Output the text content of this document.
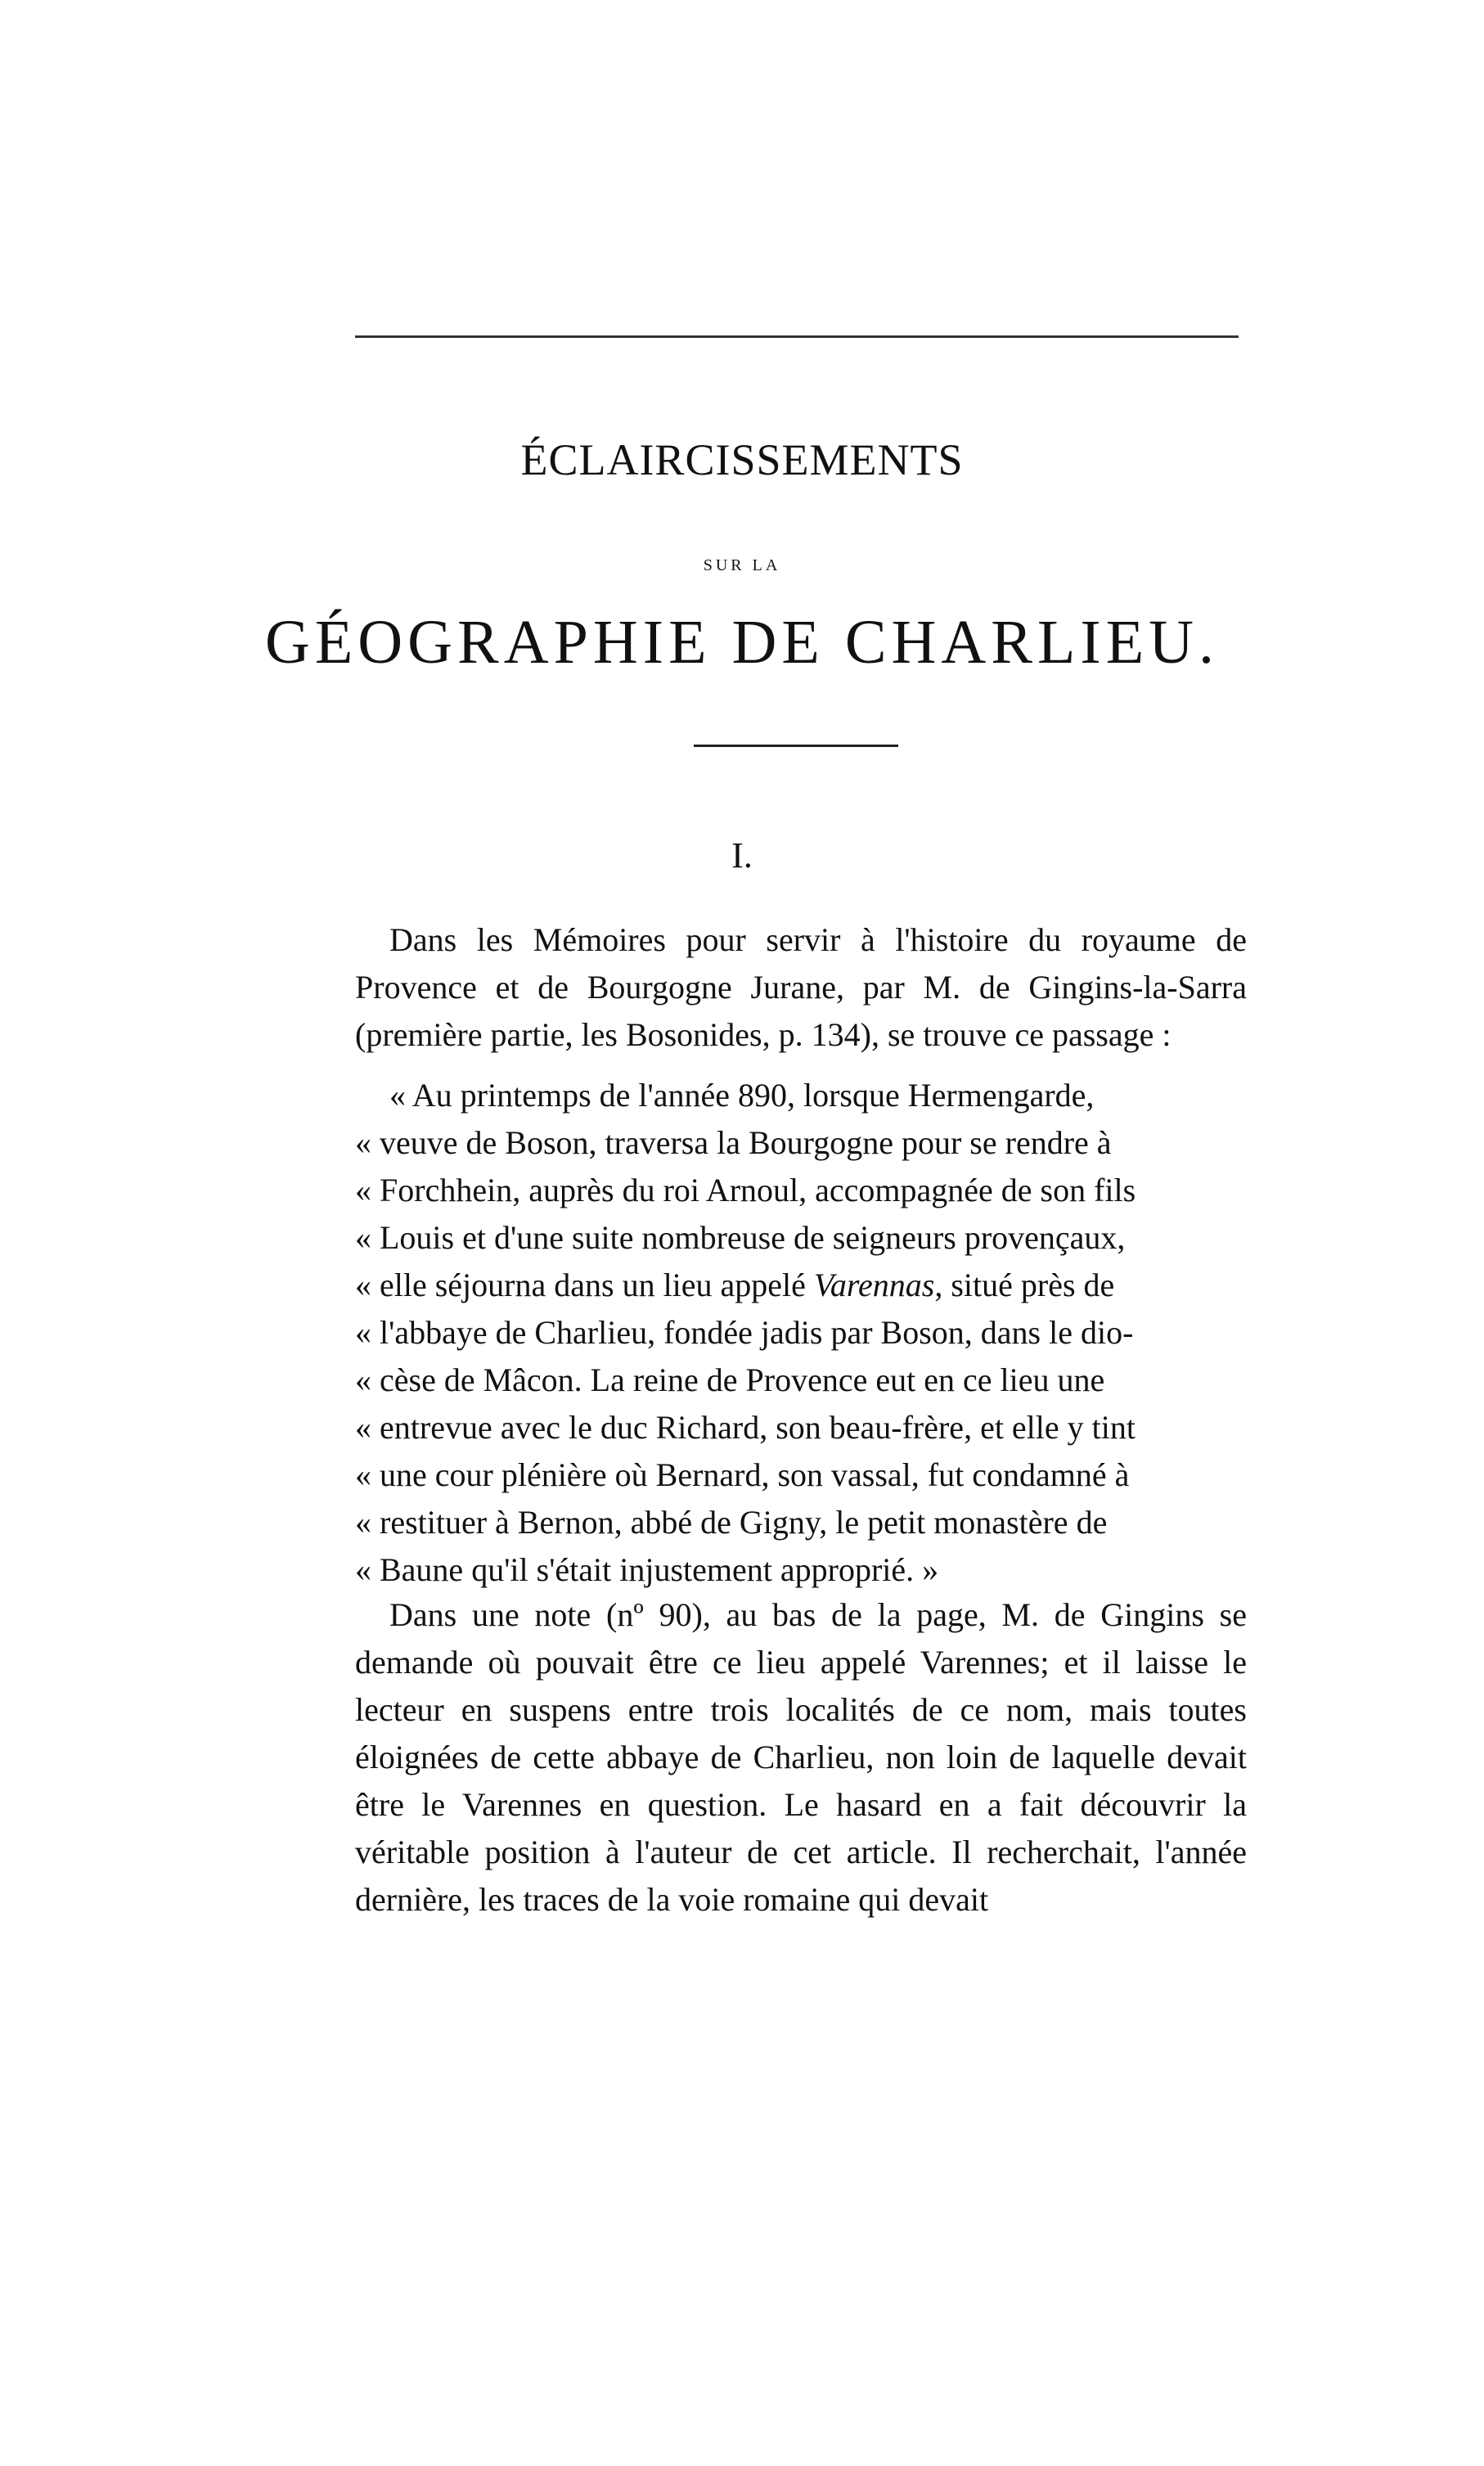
ÉCLAIRCISSEMENTS
SUR LA
GÉOGRAPHIE DE CHARLIEU.
I.

Dans les Mémoires pour servir à l'histoire du royaume de Provence et de Bourgogne Jurane, par M. de Gingins-la-Sarra (première partie, les Bosonides, p. 134), se trouve ce passage :

« Au printemps de l'année 890, lorsque Hermengarde,
« veuve de Boson, traversa la Bourgogne pour se rendre à
« Forchhein, auprès du roi Arnoul, accompagnée de son fils
« Louis et d'une suite nombreuse de seigneurs provençaux,
« elle séjourna dans un lieu appelé Varennas, situé près de
« l'abbaye de Charlieu, fondée jadis par Boson, dans le dio-
« cèse de Mâcon. La reine de Provence eut en ce lieu une
« entrevue avec le duc Richard, son beau-frère, et elle y tint
« une cour plénière où Bernard, son vassal, fut condamné à
« restituer à Bernon, abbé de Gigny, le petit monastère de
« Baune qu'il s'était injustement approprié. »

Dans une note (nº 90), au bas de la page, M. de Gingins se demande où pouvait être ce lieu appelé Varennes; et il laisse le lecteur en suspens entre trois localités de ce nom, mais toutes éloignées de cette abbaye de Charlieu, non loin de laquelle devait être le Varennes en question. Le hasard en a fait découvrir la véritable position à l'auteur de cet article. Il recherchait, l'année dernière, les traces de la voie romaine qui devait
